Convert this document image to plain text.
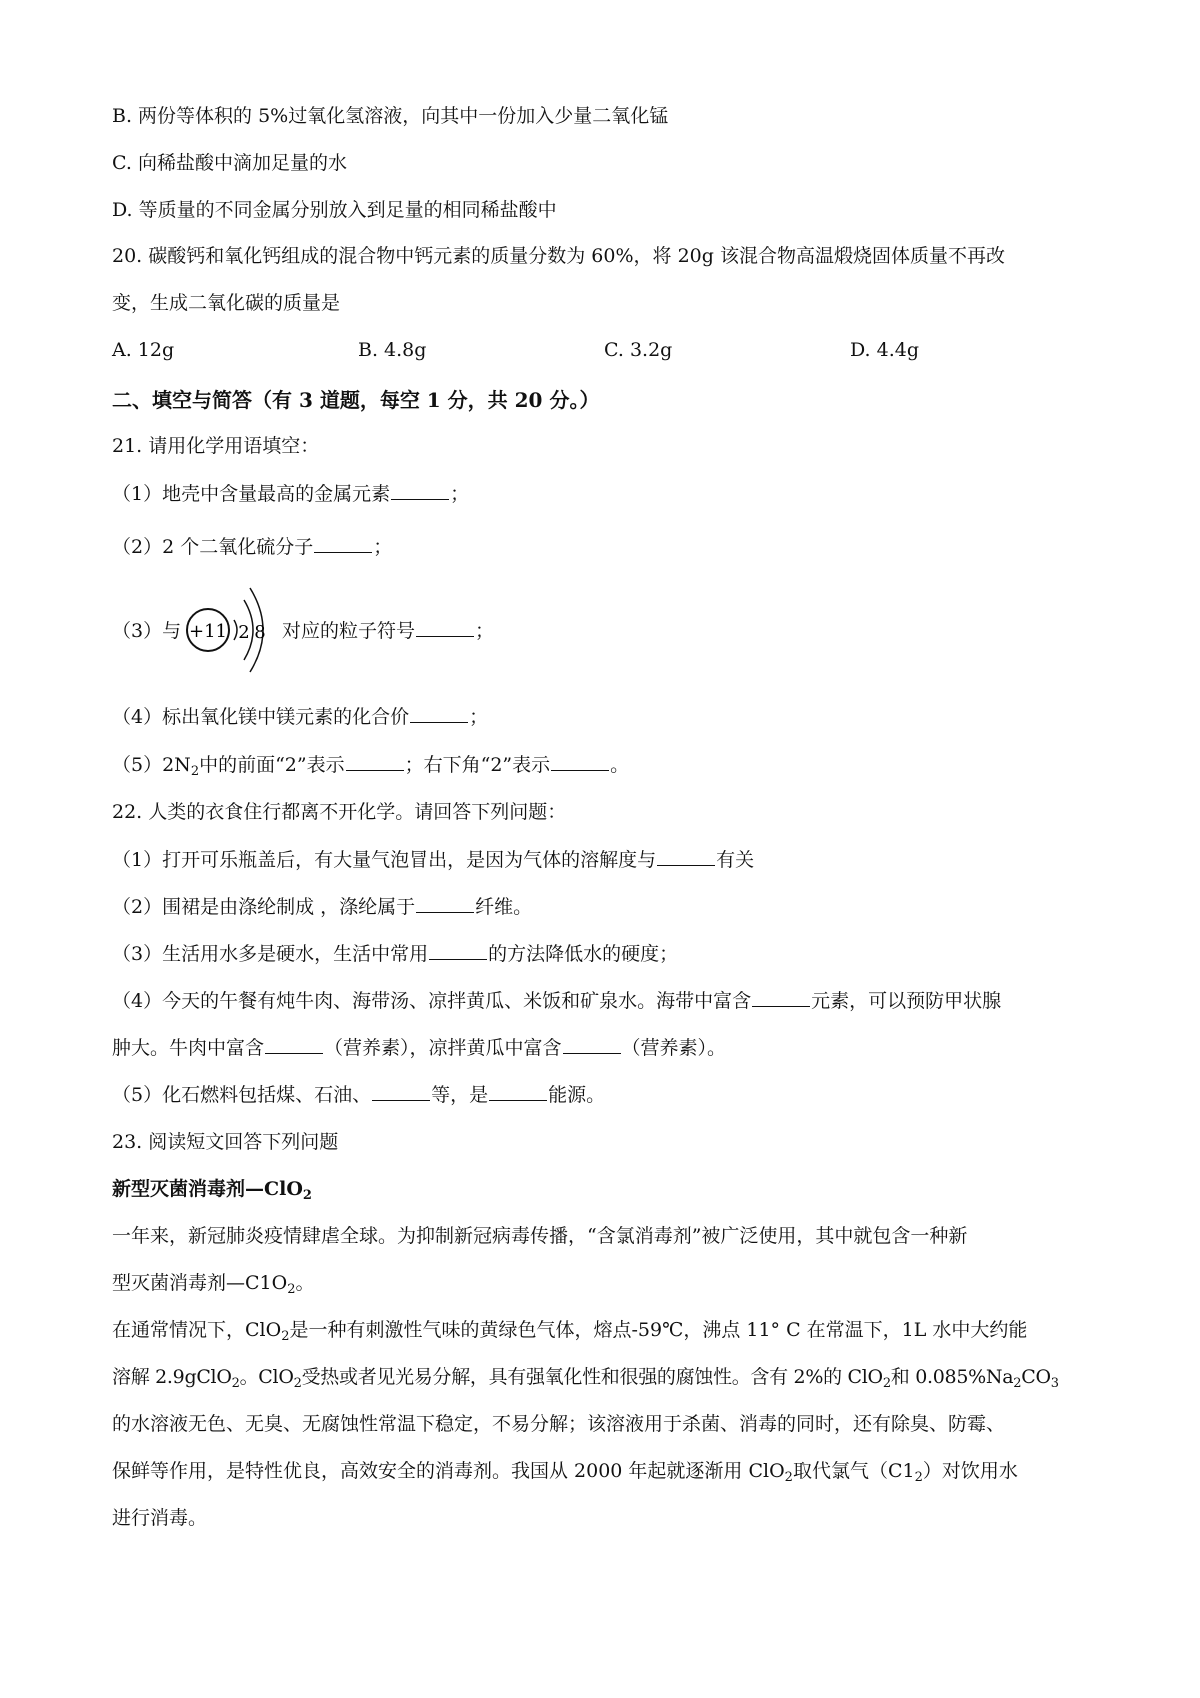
B. 两份等体积的 5%过氧化氢溶液，向其中一份加入少量二氧化锰
C. 向稀盐酸中滴加足量的水
D. 等质量的不同金属分别放入到足量的相同稀盐酸中
20. 碳酸钙和氧化钙组成的混合物中钙元素的质量分数为 60%，将 20g 该混合物高温煅烧固体质量不再改
变，生成二氧化碳的质量是
A. 12g	B. 4.8g	C. 3.2g	D. 4.4g
二、填空与简答（有 3 道题，每空 1 分，共 20 分。）
21. 请用化学用语填空：
（1）地壳中含量最高的金属元素	；
（2）2 个二氧化硫分子	；
（3）与 +11 2 8 对应的粒子符号	；
（4）标出氧化镁中镁元素的化合价	；
$(5)2N_2$中的前面“2”表示	；右下角“2”表示	。
22. 人类的衣食住行都离不开化学。请回答下列问题：
（1）打开可乐瓶盖后，有大量气泡冒出，是因为气体的溶解度与	有关
（2）围裙是由涤纶制成 ，涤纶属于	纤维。
（3）生活用水多是硬水，生活中常用	的方法降低水的硬度；
（4）今天的午餐有炖牛肉、海带汤、凉拌黄瓜、米饭和矿泉水。海带中富含	元素，可以预防甲状腺
肿大。牛肉中富含	（营养素），凉拌黄瓜中富含	（营养素）。
（5）化石燃料包括煤、石油、	等，是	能源。
23. 阅读短文回答下列问题
新型灭菌消毒剂—ClO$_2$
一年来，新冠肺炎疫情肆虐全球。为抑制新冠病毒传播，“含氯消毒剂”被广泛使用，其中就包含一种新
型灭菌消毒剂$—C1O_2$。
在通常情况下，ClO$_2$是一种有刺激性气味的黄绿色气体，熔点-59℃，沸点 11° C 在常温下，1L 水中大约能
溶解 2.9gClO$_2$。ClO$_2$受热或者见光易分解，具有强氧化性和很强的腐蚀性。含有 2%的 ClO$_2$和 $0.085\%Na_2CO_3$
的水溶液无色、无臭、无腐蚀性常温下稳定，不易分解；该溶液用于杀菌、消毒的同时，还有除臭、防霉、
保鲜等作用，是特性优良，高效安全的消毒剂。我国从 2000 年起就逐渐用 ClO$_2$取代氯气$(C1_2)$对饮用水
进行消毒。
